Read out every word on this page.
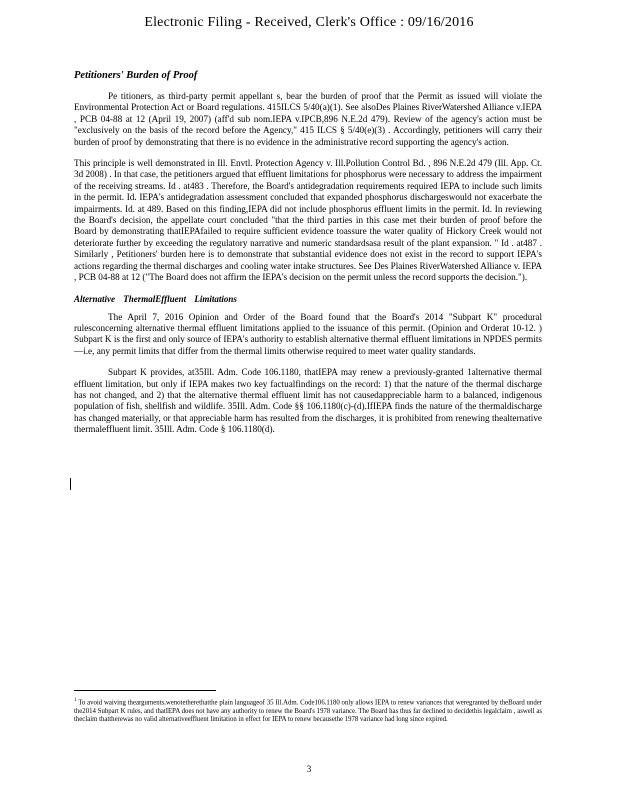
Electronic Filing - Received, Clerk's Office : 09/16/2016
Petitioners' Burden of Proof

Pe titioners, as third-party permit appellant s, bear the burden of proof that the Permit as issued will violate the Environmental Protection Act or Board regulations. 415ILCS 5/40(a)(1). See alsoDes Plaines RiverWatershed Alliance v.IEPA , PCB 04-88 at 12 (April 19, 2007) (aff'd sub nom.IEPA v.IPCB,896 N.E.2d 479). Review of the agency's action must be "exclusively on the basis of the record before the Agency," 415 ILCS § 5/40(e)(3) . Accordingly, petitioners will carry their burden of proof by demonstrating that there is no evidence in the administrative record supporting the agency's action.

This principle is well demonstrated in Ill. Envtl. Protection Agency v. Ill.Pollution Control Bd. , 896 N.E.2d 479 (Ill. App. Ct. 3d 2008) . In that case, the petitioners argued that effluent limitations for phosphorus were necessary to address the impairment of the receiving streams. Id . at483 . Therefore, the Board's antidegradation requirements required IEPA to include such limits in the permit. Id. IEPA's antidegradation assessment concluded that expanded phosphorus dischargeswould not exacerbate the impairments. Id. at 489. Based on this finding,IEPA did not include phosphorus effluent limits in the permit. Id. In reviewing the Board's decision, the appellate court concluded "that the third parties in this case met their burden of proof before the Board by demonstrating thatIEPAfailed to require sufficient evidence toassure the water quality of Hickory Creek would not deteriorate further by exceeding the regulatory narrative and numeric standardsasa result of the plant expansion. " Id . at487 . Similarly , Petitioners' burden here is to demonstrate that substantial evidence does not exist in the record to support IEPA's actions regarding the thermal discharges and cooling water intake structures. See Des Plaines RiverWatershed Alliance v. IEPA , PCB 04-88 at 12 ("The Board does not affirm the IEPA's decision on the permit unless the record supports the decision.").

Alternative ThermalEffluent Limitations

The April 7, 2016 Opinion and Order of the Board found that the Board's 2014 "Subpart K" procedural rulesconcerning alternative thermal effluent limitations applied to the issuance of this permit. (Opinion and Orderat 10-12. ) Subpart K is the first and only source of IEPA's authority to establish alternative thermal effluent limitations in NPDES permits —i.e, any permit limits that differ from the thermal limits otherwise required to meet water quality standards.

Subpart K provides, at35Ill. Adm. Code 106.1180, thatIEPA may renew a previously-granted 1alternative thermal effluent limitation, but only if IEPA makes two key factualfindings on the record: 1) that the nature of the thermal discharge has not changed, and 2) that the alternative thermal effluent limit has not causedappreciable harm to a balanced, indigenous population of fish, shellfish and wildlife. 35Ill. Adm. Code §§ 106.1180(c)-(d).IfIEPA finds the nature of the thermaldischarge has changed materially, or that appreciable harm has resulted from the discharges, it is prohibited from renewing thealternative thermaleffluent limit. 35Ill. Adm. Code § 106.1180(d).

$^1$ To avoid waiving thearguments,wenotetherethatthe plain languageof 35 Ill.Adm. Code106.1180 only allows IEPA to renew variances that weregranted by theBoard under the2014 Subpart K rules, and thatIEPA does not have any authority to renew the Board's 1978 variance. The Board has thus far declined to decidethis legalclaim , aswell as theclaim thattherewas no valid alternativeeffluent limitation in effect for IEPA to renew becausethe 1978 variance had long since expired.
3
